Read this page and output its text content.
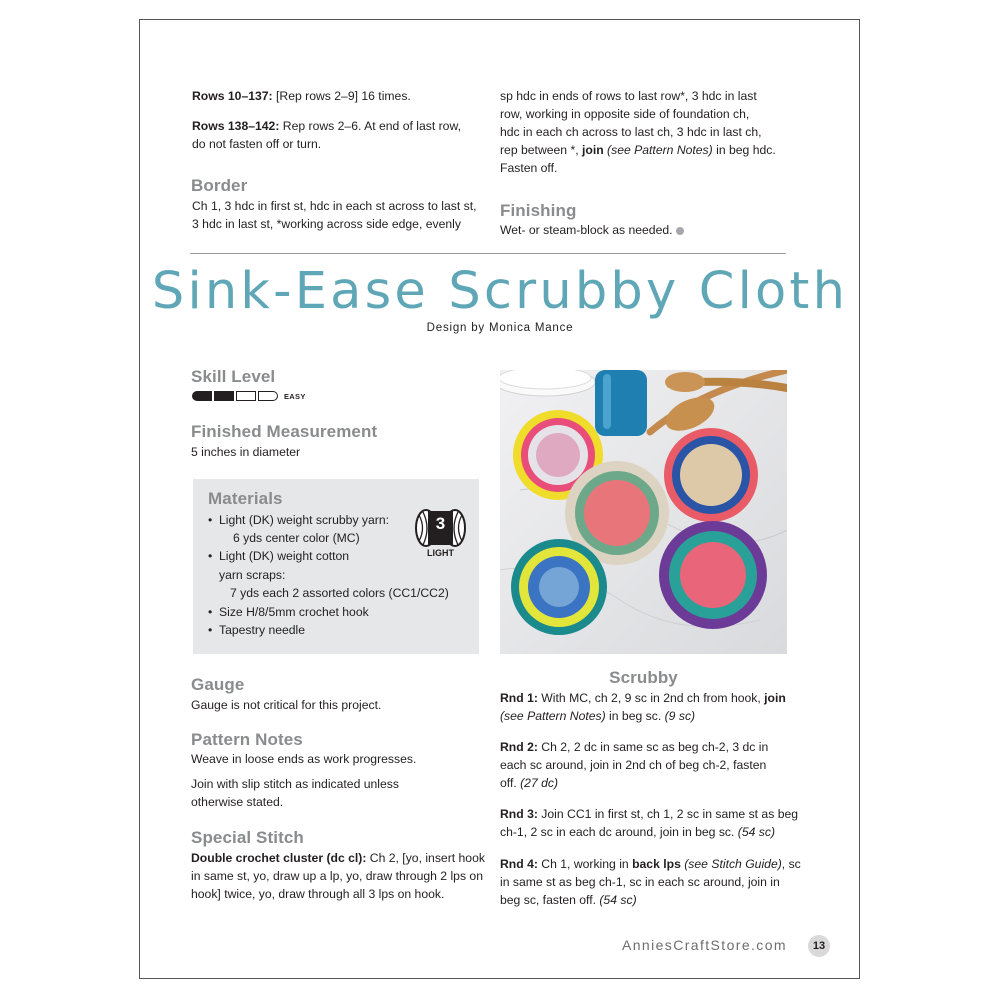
Rows 10–137: [Rep rows 2–9] 16 times.
Rows 138–142: Rep rows 2–6. At end of last row,
do not fasten off or turn.
Border
Ch 1, 3 hdc in first st, hdc in each st across to last st,
3 hdc in last st, *working across side edge, evenly
sp hdc in ends of rows to last row*, 3 hdc in last
row, working in opposite side of foundation ch,
hdc in each ch across to last ch, 3 hdc in last ch,
rep between *, join (see Pattern Notes) in beg hdc.
Fasten off.
Finishing
Wet- or steam-block as needed.
Sink-Ease Scrubby Cloth
Design by Monica Mance
Skill Level
EASY
Finished Measurement
5 inches in diameter
Materials
• Light (DK) weight scrubby yarn:
6 yds center color (MC)
• Light (DK) weight cotton
yarn scraps:
7 yds each 2 assorted colors (CC1/CC2)
• Size H/8/5mm crochet hook
• Tapestry needle
3
LIGHT
Gauge
Gauge is not critical for this project.
Pattern Notes
Weave in loose ends as work progresses.
Join with slip stitch as indicated unless
otherwise stated.
Special Stitch
Double crochet cluster (dc cl): Ch 2, [yo, insert hook
in same st, yo, draw up a lp, yo, draw through 2 lps on
hook] twice, yo, draw through all 3 lps on hook.
Scrubby
Rnd 1: With MC, ch 2, 9 sc in 2nd ch from hook, join
(see Pattern Notes) in beg sc. (9 sc)
Rnd 2: Ch 2, 2 dc in same sc as beg ch-2, 3 dc in
each sc around, join in 2nd ch of beg ch-2, fasten
off. (27 dc)
Rnd 3: Join CC1 in first st, ch 1, 2 sc in same st as beg
ch-1, 2 sc in each dc around, join in beg sc. (54 sc)
Rnd 4: Ch 1, working in back lps (see Stitch Guide), sc
in same st as beg ch-1, sc in each sc around, join in
beg sc, fasten off. (54 sc)
AnniesCraftStore.com	13
